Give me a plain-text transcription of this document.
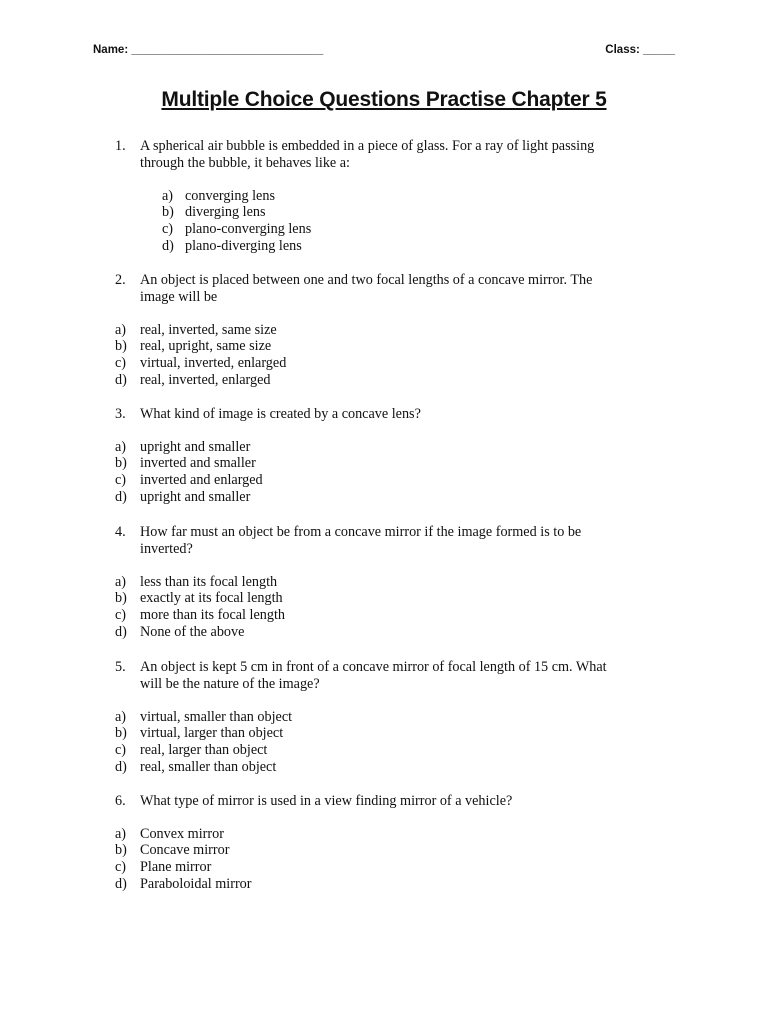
Name: ______________________________	Class: _____
Multiple Choice Questions Practise Chapter 5
1. A spherical air bubble is embedded in a piece of glass. For a ray of light passing
through the bubble, it behaves like a:
a) converging lens
b) diverging lens
c) plano-converging lens
d) plano-diverging lens
2. An object is placed between one and two focal lengths of a concave mirror. The
image will be
a) real, inverted, same size
b) real, upright, same size
c) virtual, inverted, enlarged
d) real, inverted, enlarged
3. What kind of image is created by a concave lens?
a) upright and smaller
b) inverted and smaller
c) inverted and enlarged
d) upright and smaller
4. How far must an object be from a concave mirror if the image formed is to be
inverted?
a) less than its focal length
b) exactly at its focal length
c) more than its focal length
d) None of the above
5. An object is kept 5 cm in front of a concave mirror of focal length of 15 cm. What
will be the nature of the image?
a) virtual, smaller than object
b) virtual, larger than object
c) real, larger than object
d) real, smaller than object
6. What type of mirror is used in a view finding mirror of a vehicle?
a) Convex mirror
b) Concave mirror
c) Plane mirror
d) Paraboloidal mirror
